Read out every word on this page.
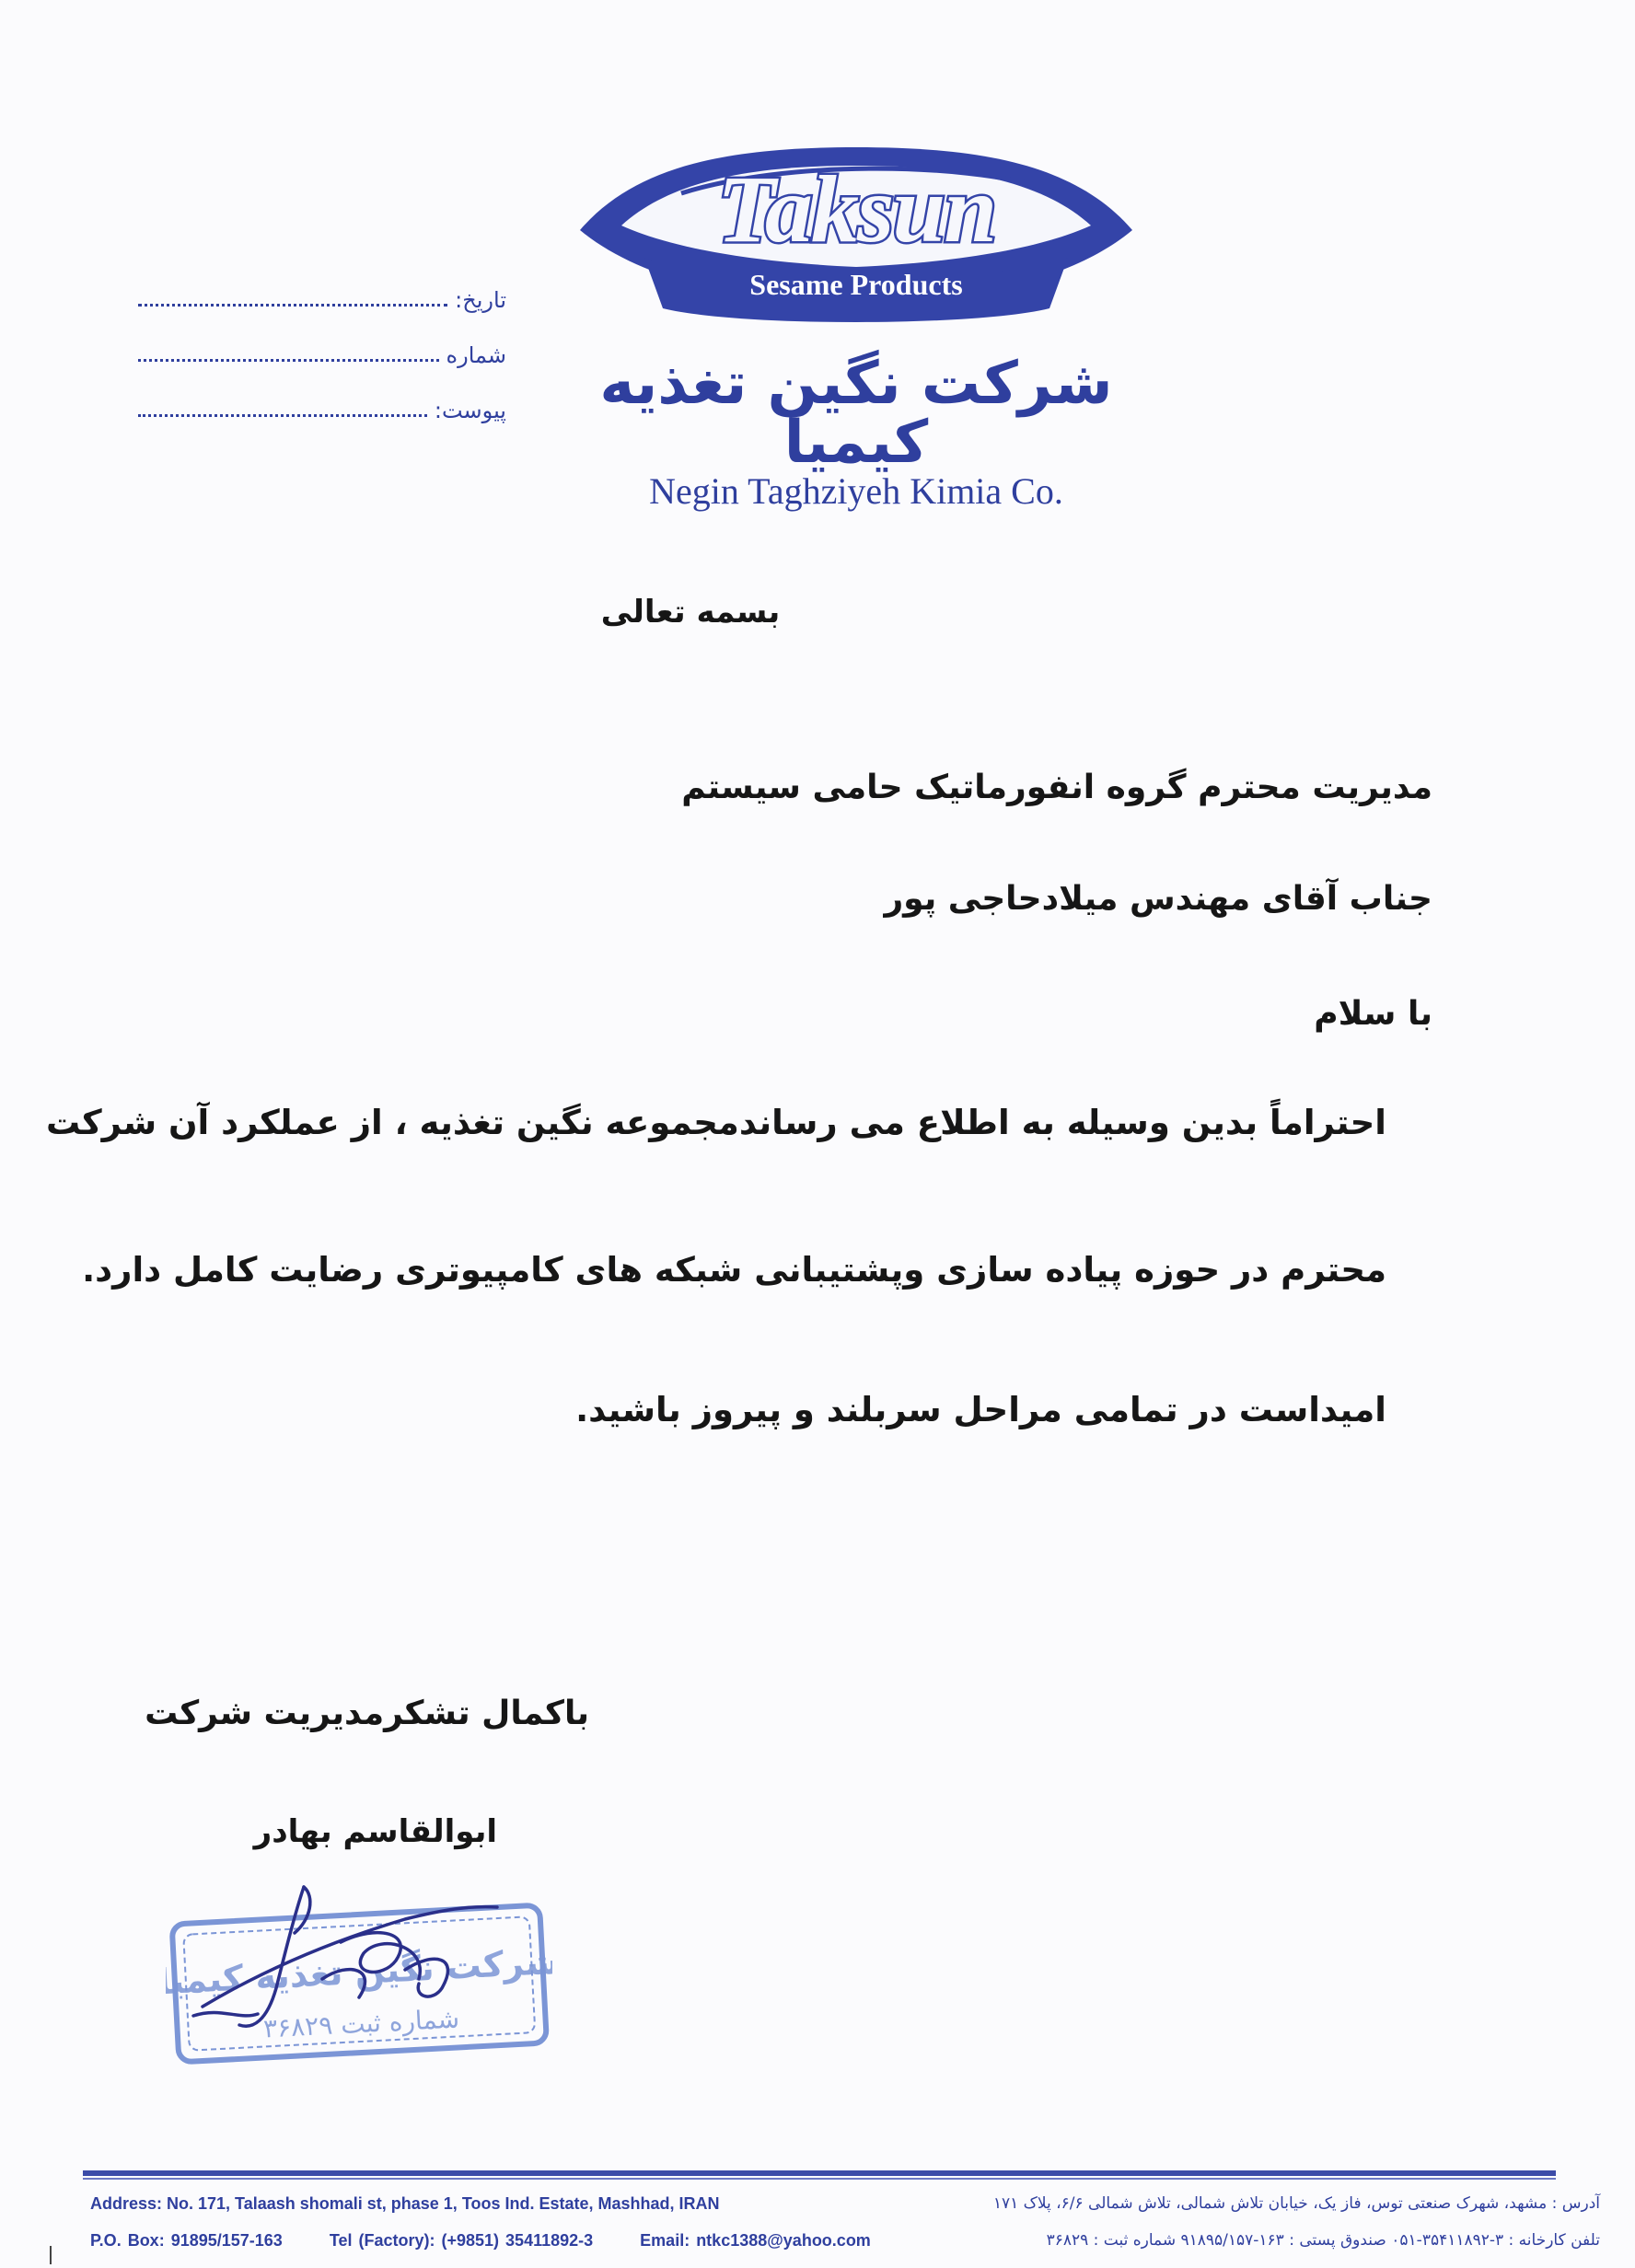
Taksun
Sesame Products
شرکت نگین تغذیه کیمیا
Negin Taghziyeh Kimia Co.
تاریخ:
شماره
پیوست:
بسمه تعالی
مدیریت محترم گروه انفورماتیک حامی سیستم
جناب آقای مهندس میلادحاجی پور
با سلام
احتراماً بدین وسیله به اطلاع می رساندمجموعه نگین تغذیه ، از عملکرد آن شرکت
محترم در حوزه پیاده سازی وپشتیبانی شبکه های کامپیوتری رضایت کامل دارد.
امیداست در تمامی مراحل سربلند و پیروز باشید.
باکمال تشکرمدیریت شرکت
ابوالقاسم بهادر
شرکت نگین تغذیه کیمیا
شماره ثبت ۳۶۸۲۹
Address: No. 171, Talaash shomali st, phase 1, Toos Ind. Estate, Mashhad, IRAN
P.O. Box: 91895/157-163	Tel (Factory): (+9851) 35411892-3	Email: ntkc1388@yahoo.com
آدرس : مشهد، شهرک صنعتی توس، فاز یک، خیابان تلاش شمالی، تلاش شمالی ۶/۶، پلاک ۱۷۱
تلفن کارخانه : ۳-۳۵۴۱۱۸۹۲-۰۵۱ صندوق پستی : ۱۶۳-۹۱۸۹۵/۱۵۷ شماره ثبت : ۳۶۸۲۹
